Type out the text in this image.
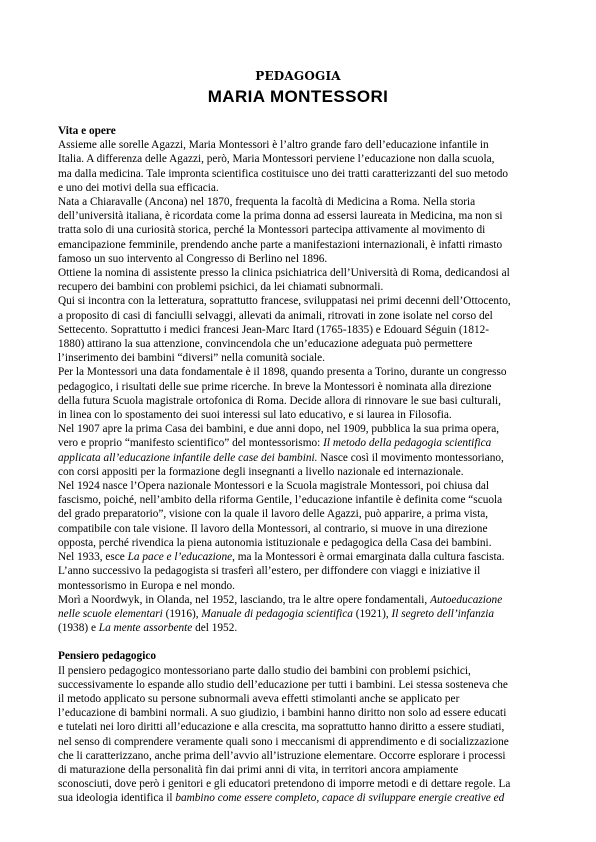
PEDAGOGIA
MARIA MONTESSORI
Vita e opere
Assieme alle sorelle Agazzi, Maria Montessori è l’altro grande faro dell’educazione infantile in
Italia. A differenza delle Agazzi, però, Maria Montessori perviene l’educazione non dalla scuola,
ma dalla medicina. Tale impronta scientifica costituisce uno dei tratti caratterizzanti del suo metodo
e uno dei motivi della sua efficacia.
Nata a Chiaravalle (Ancona) nel 1870, frequenta la facoltà di Medicina a Roma. Nella storia
dell’università italiana, è ricordata come la prima donna ad essersi laureata in Medicina, ma non si
tratta solo di una curiosità storica, perché la Montessori partecipa attivamente al movimento di
emancipazione femminile, prendendo anche parte a manifestazioni internazionali, è infatti rimasto
famoso un suo intervento al Congresso di Berlino nel 1896.
Ottiene la nomina di assistente presso la clinica psichiatrica dell’Università di Roma, dedicandosi al
recupero dei bambini con problemi psichici, da lei chiamati subnormali.
Qui si incontra con la letteratura, soprattutto francese, sviluppatasi nei primi decenni dell’Ottocento,
a proposito di casi di fanciulli selvaggi, allevati da animali, ritrovati in zone isolate nel corso del
Settecento. Soprattutto i medici francesi Jean-Marc Itard (1765-1835) e Edouard Séguin (1812-
1880) attirano la sua attenzione, convincendola che un’educazione adeguata può permettere
l’inserimento dei bambini “diversi” nella comunità sociale.
Per la Montessori una data fondamentale è il 1898, quando presenta a Torino, durante un congresso
pedagogico, i risultati delle sue prime ricerche. In breve la Montessori è nominata alla direzione
della futura Scuola magistrale ortofonica di Roma. Decide allora di rinnovare le sue basi culturali,
in linea con lo spostamento dei suoi interessi sul lato educativo, e si laurea in Filosofia.
Nel 1907 apre la prima Casa dei bambini, e due anni dopo, nel 1909, pubblica la sua prima opera,
vero e proprio “manifesto scientifico” del montessorismo: Il metodo della pedagogia scientifica
applicata all’educazione infantile delle case dei bambini. Nasce così il movimento montessoriano,
con corsi appositi per la formazione degli insegnanti a livello nazionale ed internazionale.
Nel 1924 nasce l’Opera nazionale Montessori e la Scuola magistrale Montessori, poi chiusa dal
fascismo, poiché, nell’ambito della riforma Gentile, l’educazione infantile è definita come “scuola
del grado preparatorio”, visione con la quale il lavoro delle Agazzi, può apparire, a prima vista,
compatibile con tale visione. Il lavoro della Montessori, al contrario, si muove in una direzione
opposta, perché rivendica la piena autonomia istituzionale e pedagogica della Casa dei bambini.
Nel 1933, esce La pace e l’educazione, ma la Montessori è ormai emarginata dalla cultura fascista.
L’anno successivo la pedagogista si trasferì all’estero, per diffondere con viaggi e iniziative il
montessorismo in Europa e nel mondo.
Morì a Noordwyk, in Olanda, nel 1952, lasciando, tra le altre opere fondamentali, Autoeducazione
nelle scuole elementari (1916), Manuale di pedagogia scientifica (1921), Il segreto dell’infanzia
(1938) e La mente assorbente del 1952.
Pensiero pedagogico
Il pensiero pedagogico montessoriano parte dallo studio dei bambini con problemi psichici,
successivamente lo espande allo studio dell’educazione per tutti i bambini. Lei stessa sosteneva che
il metodo applicato su persone subnormali aveva effetti stimolanti anche se applicato per
l’educazione di bambini normali. A suo giudizio, i bambini hanno diritto non solo ad essere educati
e tutelati nei loro diritti all’educazione e alla crescita, ma soprattutto hanno diritto a essere studiati,
nel senso di comprendere veramente quali sono i meccanismi di apprendimento e di socializzazione
che li caratterizzano, anche prima dell’avvio all’istruzione elementare. Occorre esplorare i processi
di maturazione della personalità fin dai primi anni di vita, in territori ancora ampiamente
sconosciuti, dove però i genitori e gli educatori pretendono di imporre metodi e di dettare regole. La
sua ideologia identifica il bambino come essere completo, capace di sviluppare energie creative ed
